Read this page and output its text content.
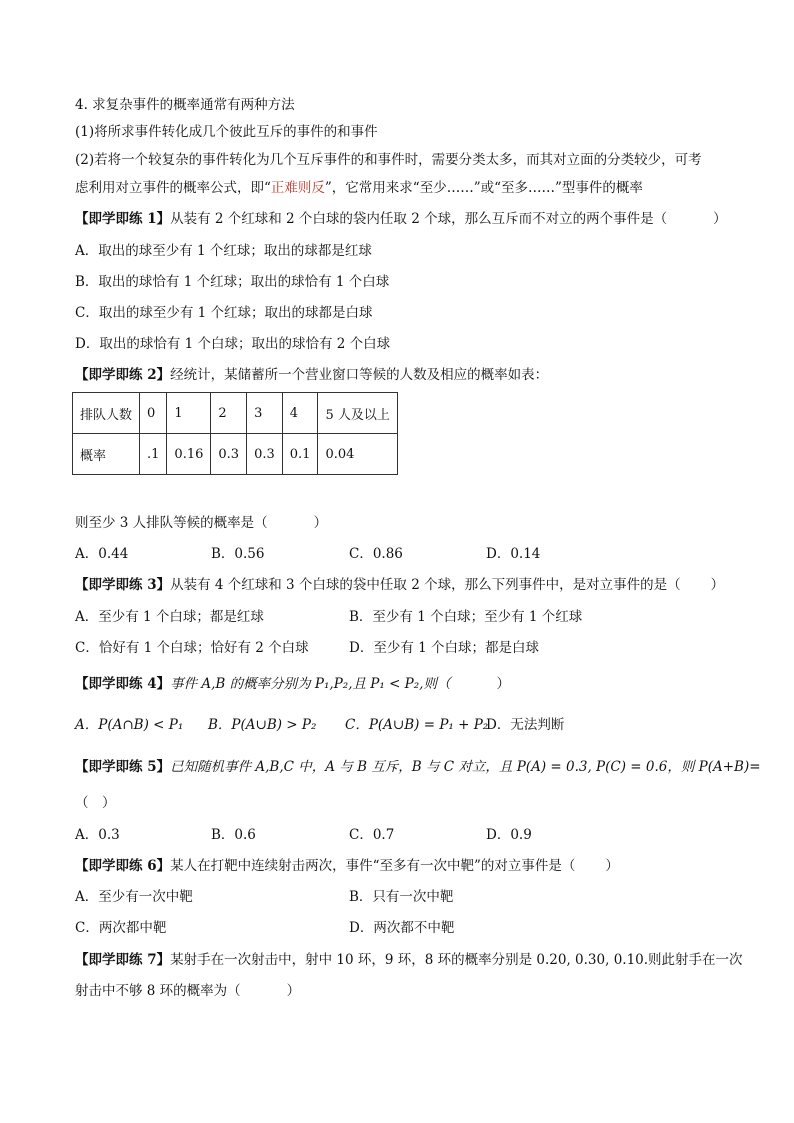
4. 求复杂事件的概率通常有两种方法
(1)将所求事件转化成几个彼此互斥的事件的和事件
(2)若将一个较复杂的事件转化为几个互斥事件的和事件时，需要分类太多，而其对立面的分类较少，可考
虑利用对立事件的概率公式，即“正难则反”，它常用来求“至少……”或“至多……”型事件的概率
【即学即练 1】从装有 2 个红球和 2 个白球的袋内任取 2 个球，那么互斥而不对立的两个事件是（	）
A．取出的球至少有 1 个红球；取出的球都是红球
B．取出的球恰有 1 个红球；取出的球恰有 1 个白球
C．取出的球至少有 1 个红球；取出的球都是白球
D．取出的球恰有 1 个白球；取出的球恰有 2 个白球
【即学即练 2】经统计，某储蓄所一个营业窗口等候的人数及相应的概率如表：
排队人数	0	1	2	3	4	5 人及以上
概率	.1	0.16	0.3	0.3	0.1	0.04
则至少 3 人排队等候的概率是（	）
A．0.44	B．0.56	C．0.86	D．0.14
【即学即练 3】从装有 4 个红球和 3 个白球的袋中任取 2 个球，那么下列事件中，是对立事件的是（ ）
A．至少有 1 个白球；都是红球	B．至少有 1 个白球；至少有 1 个红球
C．恰好有 1 个白球；恰好有 2 个白球	D．至少有 1 个白球；都是白球
【即学即练 4】事件 A,B 的概率分别为 P₁,P₂,且 P₁ < P₂,则（	）
A．P(A∩B) < P₁ B．P(A∪B) > P₂ C．P(A∪B) = P₁ + P₂
D．无法判断
【即学即练 5】已知随机事件 A,B,C 中，A 与 B 互斥，B 与 C 对立，且 P(A) = 0.3, P(C) = 0.6，则 P(A+B)=
（　）
A．0.3	B．0.6	C．0.7	D．0.9
【即学即练 6】某人在打靶中连续射击两次，事件“至多有一次中靶”的对立事件是（ ）
A．至少有一次中靶	B．只有一次中靶
C．两次都中靶	D．两次都不中靶
【即学即练 7】某射手在一次射击中，射中 10 环，9 环，8 环的概率分别是 0.20, 0.30, 0.10.则此射手在一次
射击中不够 8 环的概率为（	）
